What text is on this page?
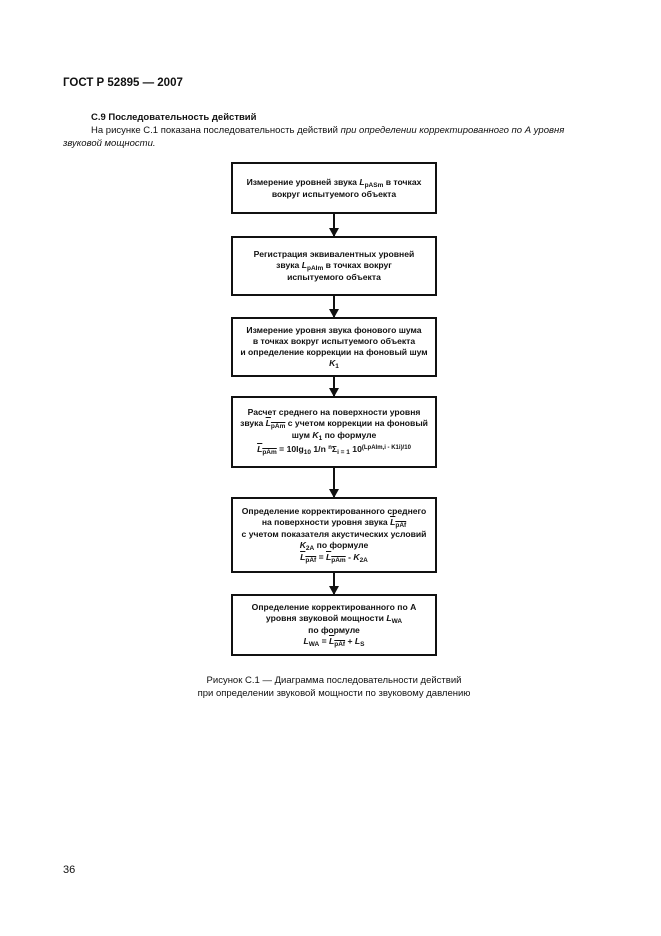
ГОСТ Р 52895 — 2007
С.9 Последовательность действий
На рисунке С.1 показана последовательность действий при определении корректированного по А уровня звуковой мощности.
Измерение уровней звука $L_{pASm}$ в точках
вокруг испытуемого объекта
Регистрация эквивалентных уровней
звука $L_{pAIm}$ в точках вокруг
испытуемого объекта
Измерение уровня звука фонового шума
в точках вокруг испытуемого объекта
и определение коррекции на фоновый шум
$K_1$
Расчет среднего на поверхности уровня
звука $L_{pAm}$ с учетом коррекции на фоновый
шум $K_1$ по формуле
$L_{pAm} = 10\lg_{10}$ 1/n $^n\Sigma_{i = 1}$ $10^{(LpAIm,i - K1i)/10}$
Определение корректированного среднего
на поверхности уровня звука $L_{pAf}$
с учетом показателя акустических условий
$K_{2A}$ по формуле
$L_{pAf} = L_{pAm} - K_{2A}$
Определение корректированного по А
уровня звуковой мощности $L_{WA}$
по формуле
$L_{WA} = L_{pAf} + L_S$
Рисунок С.1 — Диаграмма последовательности действий
при определении звуковой мощности по звуковому давлению
36
